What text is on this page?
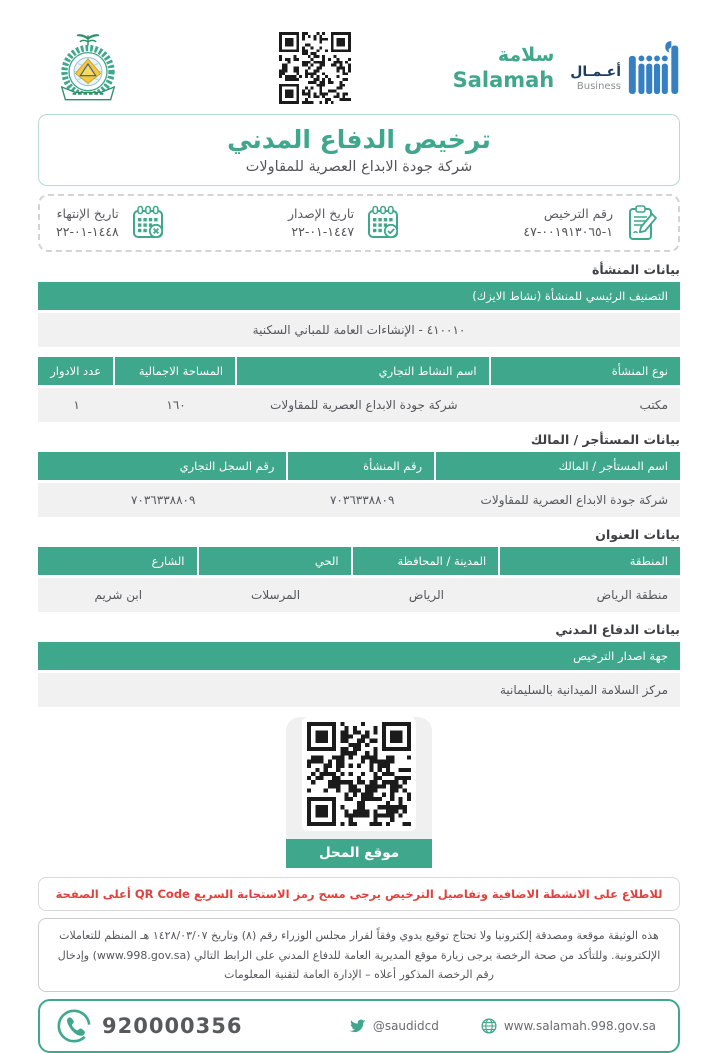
سلامة
Salamah أعـمـال
Business
ترخيص الدفاع المدني
شركة جودة الابداع العصرية للمقاولات
رقم الترخيص
١-٠٠١٩١٣٠٦٥-٤٧
تاريخ الإصدار
١٤٤٧-٠١-٢٢
تاريخ الإنتهاء
١٤٤٨-٠١-٢٢
بيانات المنشأة
التصنيف الرئيسي للمنشأة (نشاط الايزك)
٤١٠٠١٠ - الإنشاءات العامة للمباني السكنية
نوع المنشأة
اسم النشاط التجاري
المساحة الاجمالية
عدد الادوار
مكتب
شركة جودة الابداع العصرية للمقاولات
١٦٠
١
بيانات المستأجر / المالك
اسم المستأجر / المالك
رقم المنشأة
رقم السجل التجاري
شركة جودة الابداع العصرية للمقاولات
٧٠٣٦٣٣٨٨٠٩
٧٠٣٦٣٣٨٨٠٩
بيانات العنوان
المنطقة
المدينة / المحافظة
الحي
الشارع
منطقة الرياض
الرياض
المرسلات
ابن شريم
بيانات الدفاع المدني
جهة اصدار الترخيص
مركز السلامة الميدانية بالسليمانية
موقع المحل
للاطلاع على الانشطة الاضافية وتفاصيل الترخيص يرجى مسح رمز الاستجابة السريع QR Code أعلى الصفحة
هذه الوثيقة موقعة ومصدقة إلكترونيا ولا تحتاج توقيع يدوي وفقاً لقرار مجلس الوزراء رقم (٨) وتاريخ ١٤٢٨/٠٣/٠٧ هـ المنظم للتعاملات الإلكترونية. وللتأكد من صحة الرخصة يرجى زيارة موقع المديرية العامة للدفاع المدني على الرابط التالي (www.998.gov.sa) وإدخال رقم الرخصة المذكور أعلاه – الإدارة العامة لتقنية المعلومات
920000356	@saudidcd	www.salamah.998.gov.sa
